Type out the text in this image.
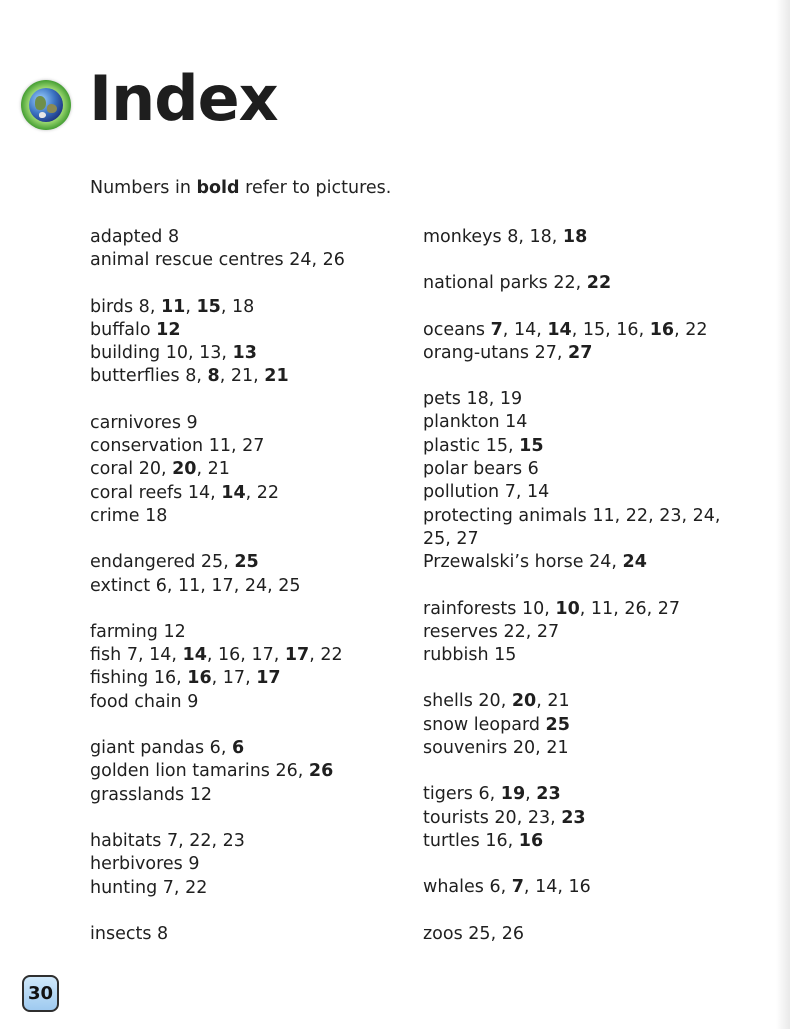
Index

Numbers in bold refer to pictures.

adapted 8
animal rescue centres 24, 26
birds 8, 11, 15, 18
buffalo 12
building 10, 13, 13
butterflies 8, 8, 21, 21
carnivores 9
conservation 11, 27
coral 20, 20, 21
coral reefs 14, 14, 22
crime 18
endangered 25, 25
extinct 6, 11, 17, 24, 25
farming 12
fish 7, 14, 14, 16, 17, 17, 22
fishing 16, 16, 17, 17
food chain 9
giant pandas 6, 6
golden lion tamarins 26, 26
grasslands 12
habitats 7, 22, 23
herbivores 9
hunting 7, 22
insects 8
monkeys 8, 18, 18
national parks 22, 22
oceans 7, 14, 14, 15, 16, 16, 22
orang-utans 27, 27
pets 18, 19
plankton 14
plastic 15, 15
polar bears 6
pollution 7, 14
protecting animals 11, 22, 23, 24, 25, 27
Przewalski’s horse 24, 24
rainforests 10, 10, 11, 26, 27
reserves 22, 27
rubbish 15
shells 20, 20, 21
snow leopard 25
souvenirs 20, 21
tigers 6, 19, 23
tourists 20, 23, 23
turtles 16, 16
whales 6, 7, 14, 16
zoos 25, 26
30
